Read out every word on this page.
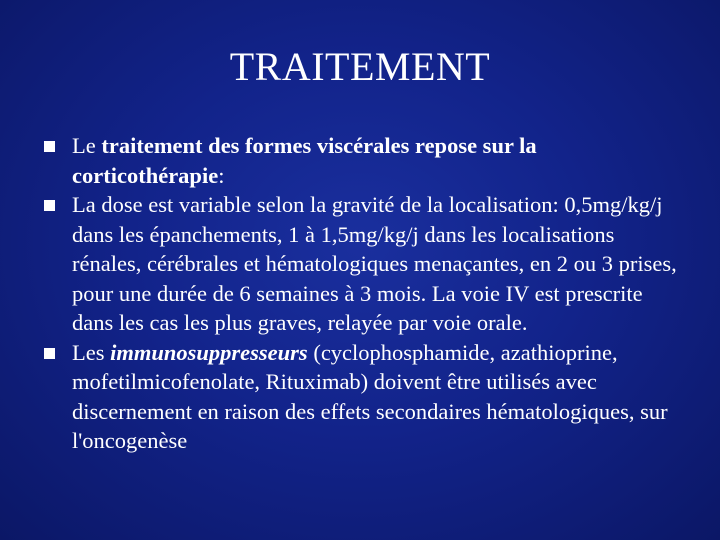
TRAITEMENT
Le traitement des formes viscérales repose sur la corticothérapie:
La dose est variable selon la gravité de la localisation: 0,5mg/kg/j dans les épanchements, 1 à 1,5mg/kg/j dans les localisations rénales, cérébrales et hématologiques menaçantes, en 2 ou 3 prises, pour une durée de 6 semaines à 3 mois. La voie IV est prescrite dans les cas les plus graves, relayée par voie orale.
Les immunosuppresseurs (cyclophosphamide, azathioprine, mofetilmicofenolate, Rituximab) doivent être utilisés avec discernement en raison des effets secondaires hématologiques, sur l'oncogenèse
